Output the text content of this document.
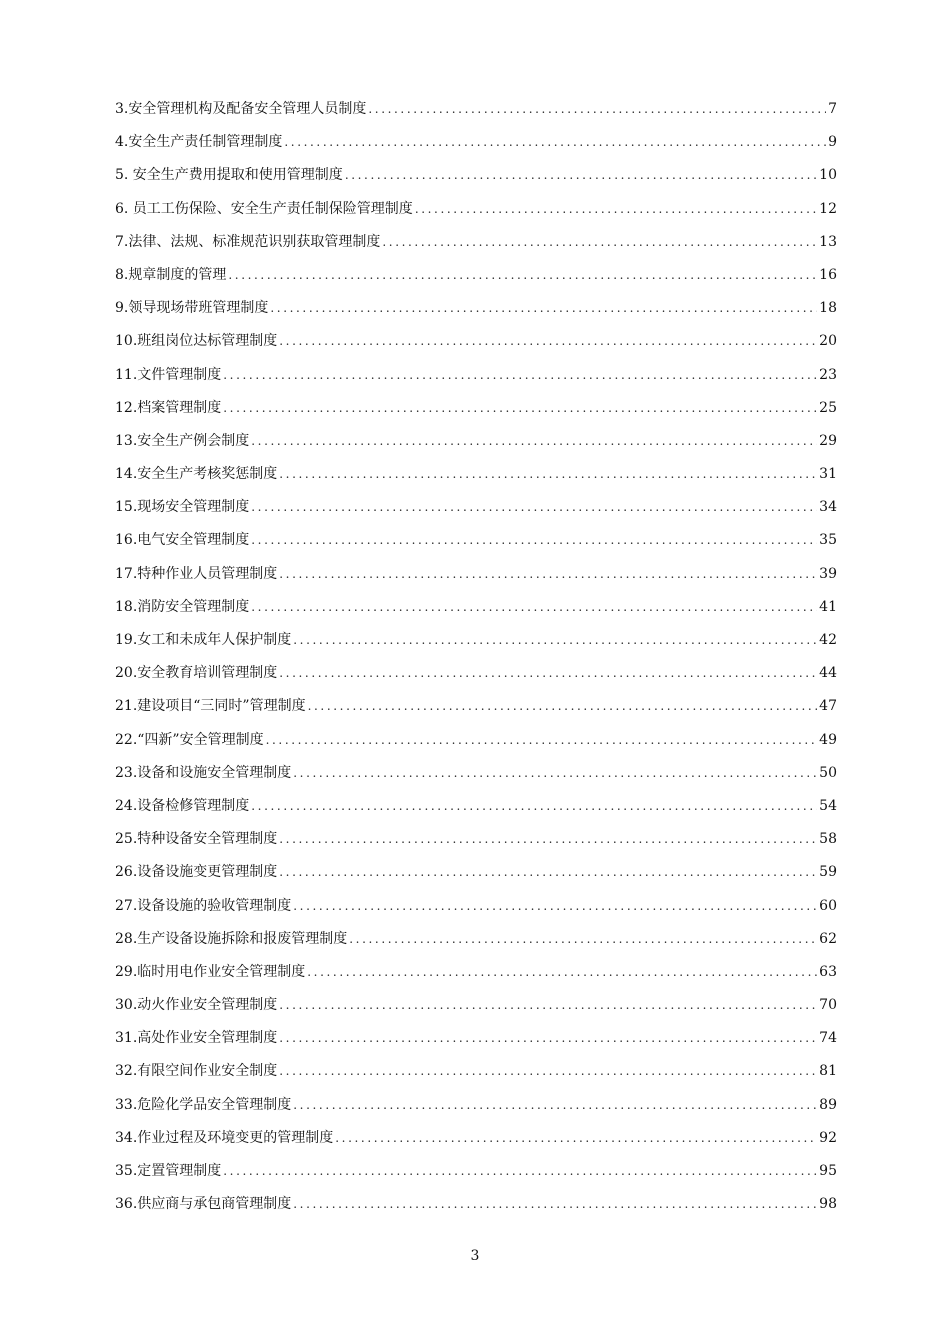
3.安全管理机构及配备安全管理人员制度 .....	7
4.安全生产责任制管理制度 .....	9
5. 安全生产费用提取和使用管理制度 .....	10
6. 员工工伤保险、安全生产责任制保险管理制度 .....	12
7.法律、法规、标准规范识别获取管理制度 .....	13
8.规章制度的管理 .....	16
9.领导现场带班管理制度 .....	18
10.班组岗位达标管理制度 .....	20
11.文件管理制度 .....	23
12.档案管理制度 .....	25
13.安全生产例会制度 .....	29
14.安全生产考核奖惩制度 .....	31
15.现场安全管理制度 .....	34
16.电气安全管理制度 .....	35
17.特种作业人员管理制度 .....	39
18.消防安全管理制度 .....	41
19.女工和未成年人保护制度 .....	42
20.安全教育培训管理制度 .....	44
21.建设项目“三同时”管理制度 .....	47
22.“四新”安全管理制度 .....	49
23.设备和设施安全管理制度 .....	50
24.设备检修管理制度 .....	54
25.特种设备安全管理制度 .....	58
26.设备设施变更管理制度 .....	59
27.设备设施的验收管理制度 .....	60
28.生产设备设施拆除和报废管理制度 .....	62
29.临时用电作业安全管理制度 .....	63
30.动火作业安全管理制度 .....	70
31.高处作业安全管理制度 .....	74
32.有限空间作业安全制度 .....	81
33.危险化学品安全管理制度 .....	89
34.作业过程及环境变更的管理制度 .....	92
35.定置管理制度 .....	95
36.供应商与承包商管理制度 .....	98
3
